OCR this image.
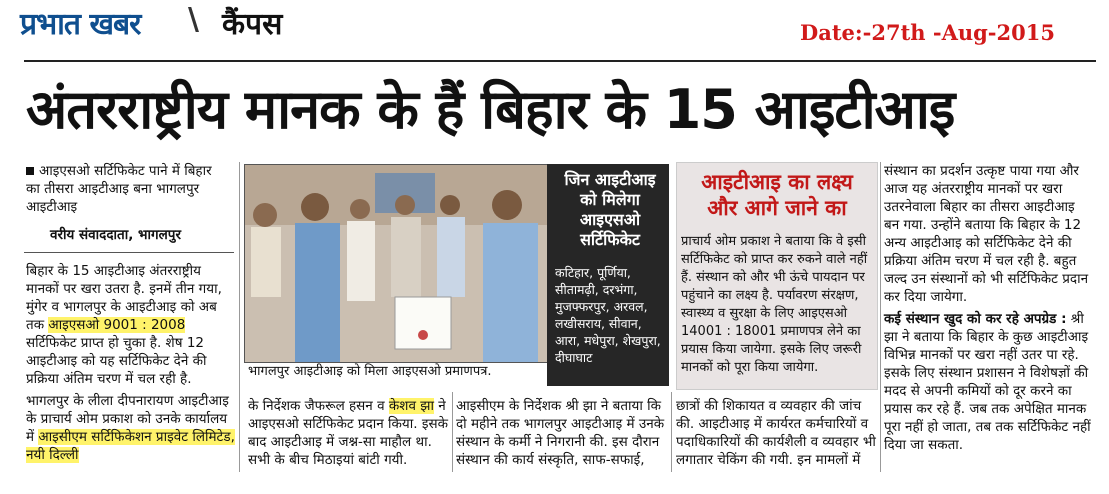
प्रभात खबर \ कैंपस	Date:-27th -Aug-2015
अंतरराष्ट्रीय मानक के हैं बिहार के 15 आइटीआइ
आइएसओ सर्टिफिकेट पाने में बिहार का तीसरा आइटीआइ बना भागलपुर आइटीआइ
वरीय संवाददाता, भागलपुर

बिहार के 15 आइटीआइ अंतरराष्ट्रीय मानकों पर खरा उतरा है. इनमें तीन गया, मुंगेर व भागलपुर के आइटीआइ को अब तक आइएसओ 9001 : 2008 सर्टिफिकेट प्राप्त हो चुका है. शेष 12 आइटीआइ को यह सर्टिफिकेट देने की प्रक्रिया अंतिम चरण में चल रही है.

भागलपुर के लीला दीपनारायण आइटीआइ के प्राचार्य ओम प्रकाश को उनके कार्यालय में आइसीएम सर्टिफिकेशन प्राइवेट लिमिटेड, नयी दिल्ली

भागलपुर आइटीआइ को मिला आइएसओ प्रमाणपत्र.

के निर्देशक जैफरूल हसन व केशव झा ने आइएसओ सर्टिफिकेट प्रदान किया. इसके बाद आइटीआइ में जश्न-सा माहौल था. सभी के बीच मिठाइयां बांटी गयी.

आइसीएम के निर्देशक श्री झा ने बताया कि दो महीने तक भागलपुर आइटीआइ में उनके संस्थान के कर्मी ने निगरानी की. इस दौरान संस्थान की कार्य संस्कृति, साफ-सफाई,

जिन आइटीआइ को मिलेगा आइएसओ सर्टिफिकेट
कटिहार, पूर्णिया, सीतामढ़ी, दरभंगा, मुजफ्फरपुर, अरवल, लखीसराय, सीवान, आरा, मधेपुरा, शेखपुरा, दीघाघाट
आइटीआइ का लक्ष्य और आगे जाने का
प्राचार्य ओम प्रकाश ने बताया कि वे इसी सर्टिफिकेट को प्राप्त कर रुकने वाले नहीं हैं. संस्थान को और भी ऊंचे पायदान पर पहुंचाने का लक्ष्य है. पर्यावरण संरक्षण, स्वास्थ्य व सुरक्षा के लिए आइएसओ 14001 : 18001 प्रमाणपत्र लेने का प्रयास किया जायेगा. इसके लिए जरूरी मानकों को पूरा किया जायेगा.

छात्रों की शिकायत व व्यवहार की जांच की. आइटीआइ में कार्यरत कर्मचारियों व पदाधिकारियों की कार्यशैली व व्यवहार भी लगातार चेकिंग की गयी. इन मामलों में

संस्थान का प्रदर्शन उत्कृष्ट पाया गया और आज यह अंतरराष्ट्रीय मानकों पर खरा उतरनेवाला बिहार का तीसरा आइटीआइ बन गया. उन्होंने बताया कि बिहार के 12 अन्य आइटीआइ को सर्टिफिकेट देने की प्रक्रिया अंतिम चरण में चल रही है. बहुत जल्द उन संस्थानों को भी सर्टिफिकेट प्रदान कर दिया जायेगा.

कई संस्थान खुद को कर रहे अपग्रेड : श्री झा ने बताया कि बिहार के कुछ आइटीआइ विभिन्न मानकों पर खरा नहीं उतर पा रहे. इसके लिए संस्थान प्रशासन ने विशेषज्ञों की मदद से अपनी कमियों को दूर करने का प्रयास कर रहे हैं. जब तक अपेक्षित मानक पूरा नहीं हो जाता, तब तक सर्टिफिकेट नहीं दिया जा सकता.
